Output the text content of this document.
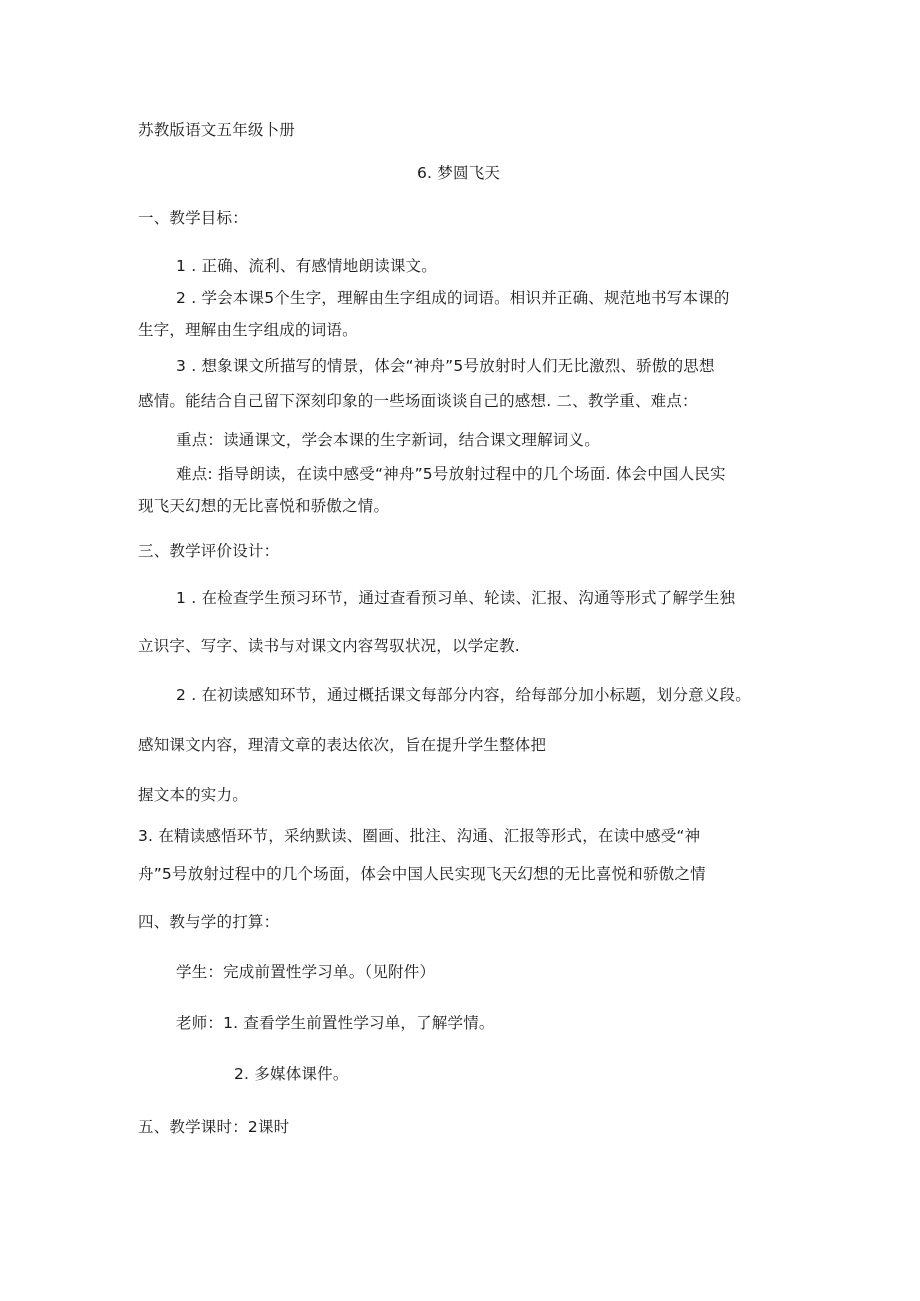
苏教版语文五年级卜册
6. 梦圆飞天
一、教学目标：
1 . 正确、流利、有感情地朗读课文。
2 . 学会本课5个生字，理解由生字组成的词语。相识并正确、规范地书写本课的
生字，理解由生字组成的词语。
3 . 想象课文所描写的情景，体会“神舟”5号放射时人们无比激烈、骄傲的思想
感情。能结合自己留下深刻印象的一些场面谈谈自己的感想. 二、教学重、难点：
重点：读通课文，学会本课的生字新词，结合课文理解词义。
难点: 指导朗读，在读中感受“神舟”5号放射过程中的几个场面. 体会中国人民实
现飞天幻想的无比喜悦和骄傲之情。
三、教学评价设计：
1 . 在检查学生预习环节，通过查看预习单、轮读、汇报、沟通等形式了解学生独
立识字、写字、读书与对课文内容驾驭状况，以学定教.
2 . 在初读感知环节，通过概括课文每部分内容，给每部分加小标题，划分意义段。
感知课文内容，理清文章的表达依次，旨在提升学生整体把
握文本的实力。
3. 在精读感悟环节，采纳默读、圈画、批注、沟通、汇报等形式，在读中感受“神
舟”5号放射过程中的几个场面，体会中国人民实现飞天幻想的无比喜悦和骄傲之情
四、教与学的打算：
学生：完成前置性学习单。（见附件）
老师：1. 查看学生前置性学习单，了解学情。
2. 多媒体课件。
五、教学课时：2课时
